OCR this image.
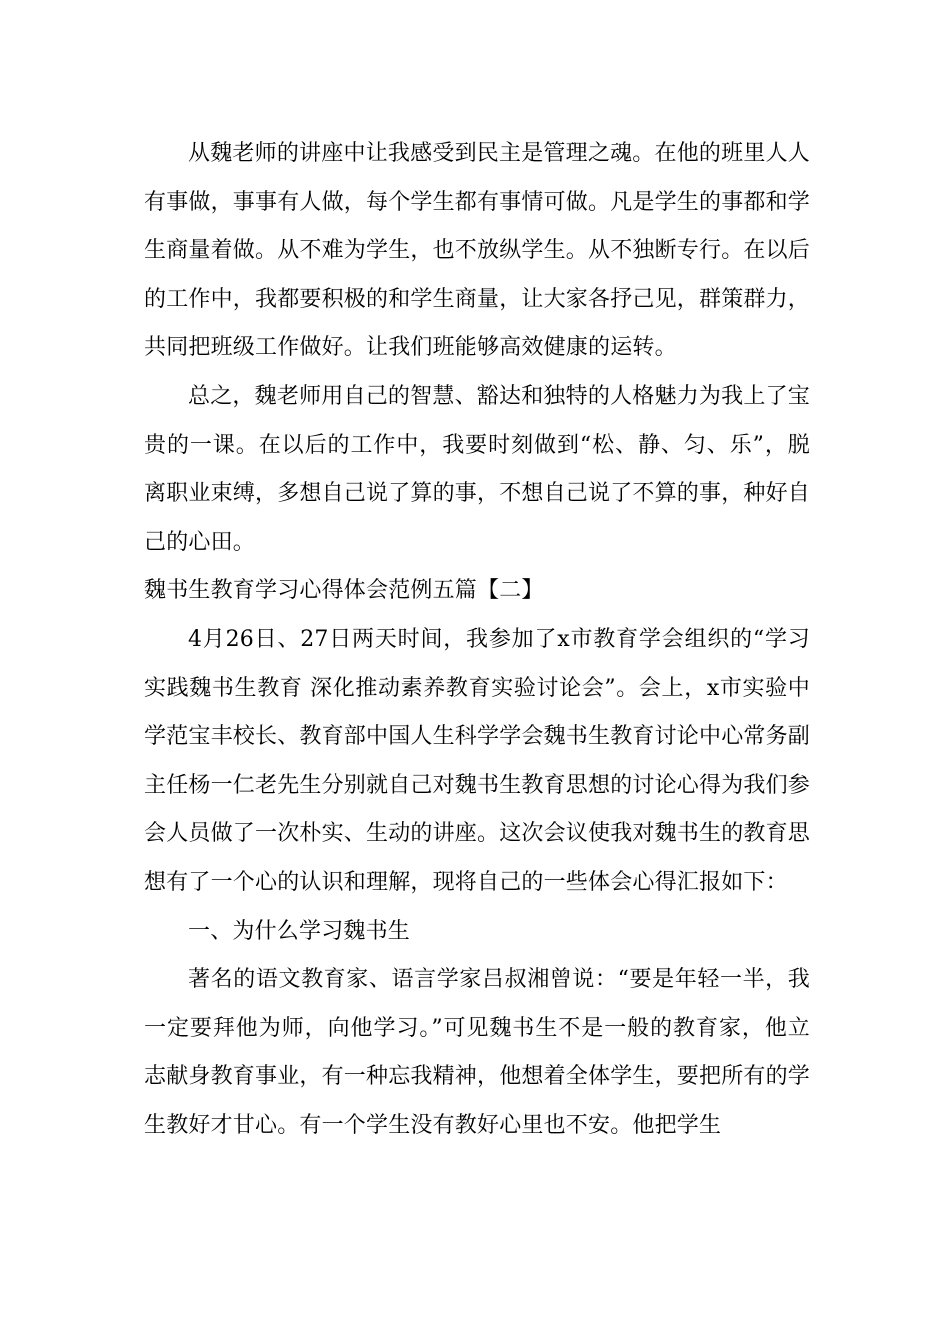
从魏老师的讲座中让我感受到民主是管理之魂。在他的班里人人有事做，事事有人做，每个学生都有事情可做。凡是学生的事都和学生商量着做。从不难为学生，也不放纵学生。从不独断专行。在以后的工作中，我都要积极的和学生商量，让大家各抒己见，群策群力，共同把班级工作做好。让我们班能够高效健康的运转。

总之，魏老师用自己的智慧、豁达和独特的人格魅力为我上了宝贵的一课。在以后的工作中，我要时刻做到“松、静、匀、乐”，脱离职业束缚，多想自己说了算的事，不想自己说了不算的事，种好自己的心田。

魏书生教育学习心得体会范例五篇【二】

4月26日、27日两天时间，我参加了x市教育学会组织的“学习实践魏书生教育 深化推动素养教育实验讨论会”。会上，x市实验中学范宝丰校长、教育部中国人生科学学会魏书生教育讨论中心常务副主任杨一仁老先生分别就自己对魏书生教育思想的讨论心得为我们参会人员做了一次朴实、生动的讲座。这次会议使我对魏书生的教育思想有了一个心的认识和理解，现将自己的一些体会心得汇报如下：

一、为什么学习魏书生

著名的语文教育家、语言学家吕叔湘曾说：“要是年轻一半，我一定要拜他为师，向他学习。”可见魏书生不是一般的教育家，他立志献身教育事业，有一种忘我精神，他想着全体学生，要把所有的学生教好才甘心。有一个学生没有教好心里也不安。他把学生
